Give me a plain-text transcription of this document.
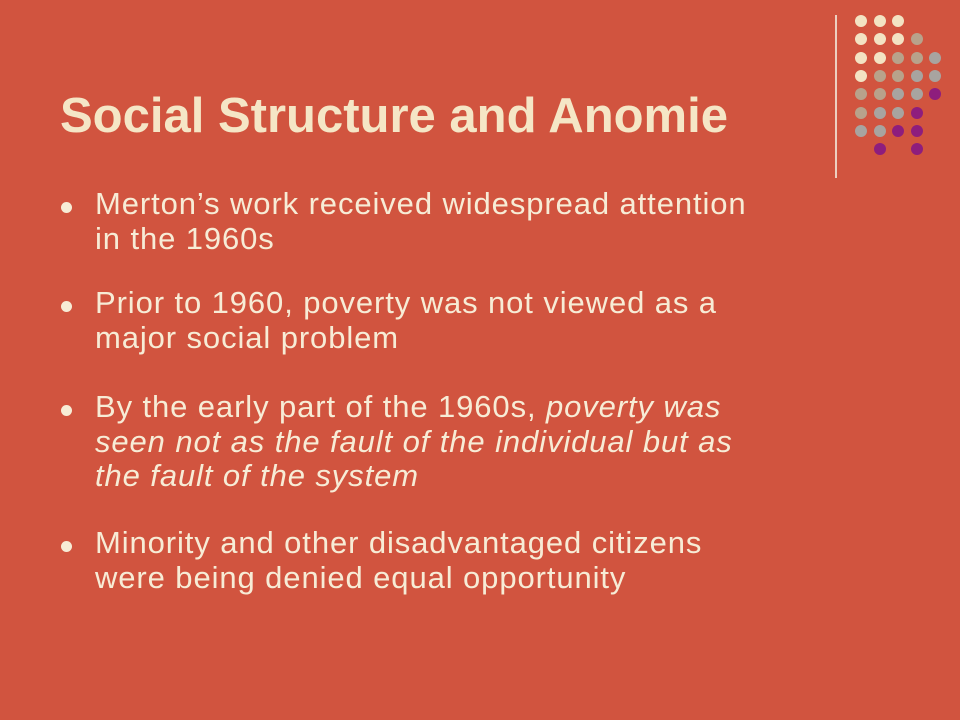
Social Structure and Anomie
Merton’s work received widespread attention
in the 1960s
Prior to 1960, poverty was not viewed as a
major social problem
By the early part of the 1960s, poverty was
seen not as the fault of the individual but as
the fault of the system
Minority and other disadvantaged citizens
were being denied equal opportunity
